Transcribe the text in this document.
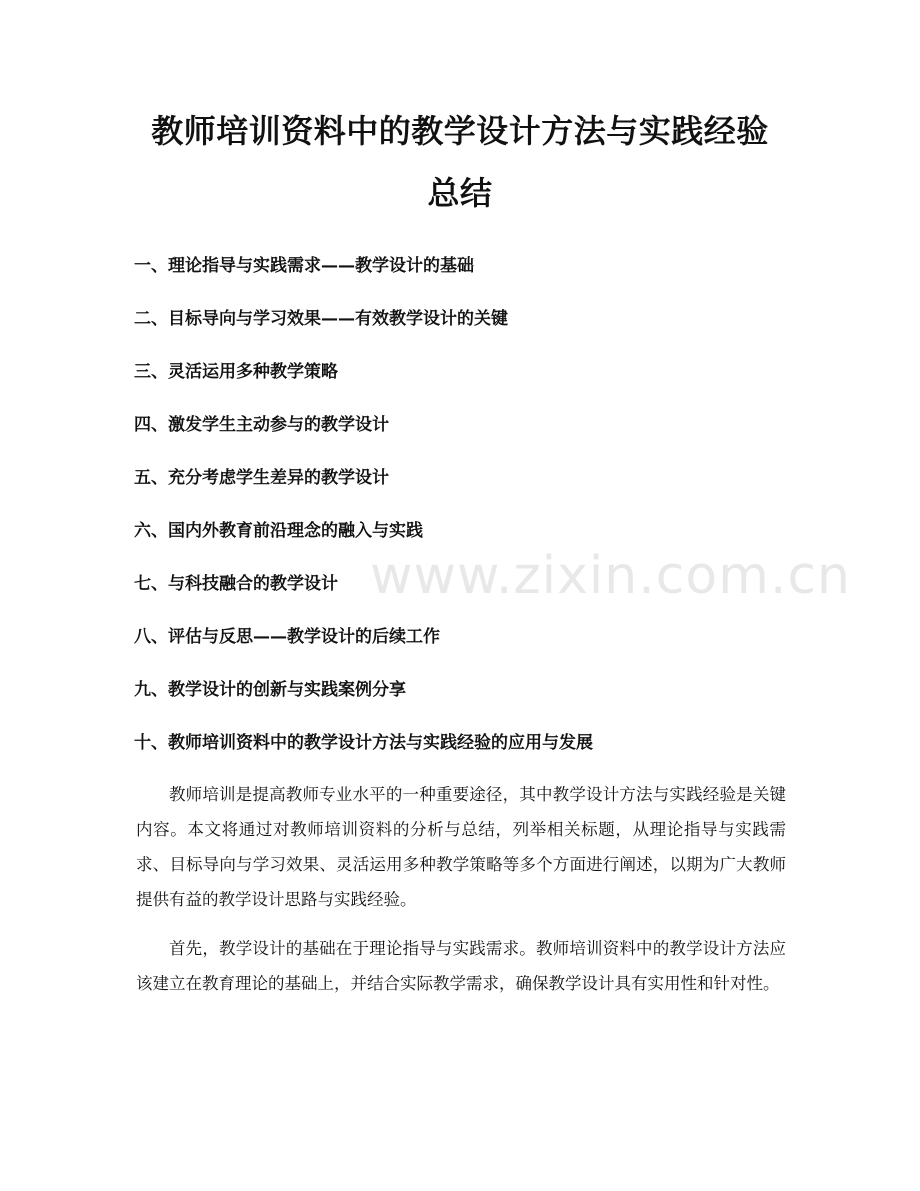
教师培训资料中的教学设计方法与实践经验
总结
一、理论指导与实践需求——教学设计的基础
二、目标导向与学习效果——有效教学设计的关键
三、灵活运用多种教学策略
四、激发学生主动参与的教学设计
五、充分考虑学生差异的教学设计
六、国内外教育前沿理念的融入与实践
七、与科技融合的教学设计
八、评估与反思——教学设计的后续工作
九、教学设计的创新与实践案例分享
十、教师培训资料中的教学设计方法与实践经验的应用与发展

教师培训是提高教师专业水平的一种重要途径，其中教学设计方法与实践经验是关键内容。本文将通过对教师培训资料的分析与总结，列举相关标题，从理论指导与实践需求、目标导向与学习效果、灵活运用多种教学策略等多个方面进行阐述，以期为广大教师提供有益的教学设计思路与实践经验。

首先，教学设计的基础在于理论指导与实践需求。教师培训资料中的教学设计方法应该建立在教育理论的基础上，并结合实际教学需求，确保教学设计具有实用性和针对性。

www.zixin.com.cn
